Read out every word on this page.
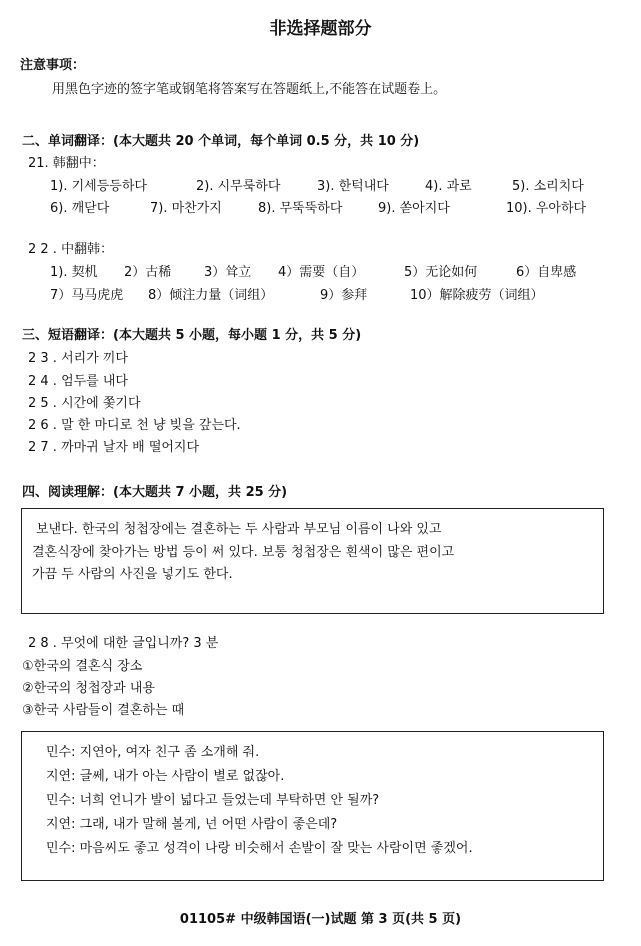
非选择题部分
注意事项：
用黑色字迹的签字笔或钢笔将答案写在答题纸上,不能答在试题卷上。
二、单词翻译：(本大题共 20 个单词，每个单词 0.5 分，共 10 分)
21. 韩翻中：
1). 기세등등하다	2). 시무룩하다	3). 한턱내다	4). 과로	5). 소리치다
6). 깨닫다	7). 마찬가지	8). 무뚝뚝하다	9). 쏟아지다	10). 우아하다
2 2 . 中翻韩：
1). 契机 2）古稀	3）耸立 4）需要（自）	5）无论如何	6）自卑感
7）马马虎虎 8）倾注力量（词组）	9）参拜	10）解除疲劳（词组）
三、短语翻译：(本大题共 5 小题，每小题 1 分，共 5 分)
2 3 . 서리가 끼다
2 4 . 엄두를 내다
2 5 . 시간에 쫓기다
2 6 . 말 한 마디로 천 냥 빚을 갚는다.
2 7 . 까마귀 날자 배 떨어지다
四、阅读理解：(本大题共 7 小题，共 25 分)
보낸다. 한국의 청첩장에는 결혼하는 두 사람과 부모님 이름이 나와 있고
결혼식장에 찾아가는 방법 등이 써 있다. 보통 청첩장은 흰색이 많은 편이고
가끔 두 사람의 사진을 넣기도 한다.
2 8 . 무엇에 대한 글입니까? 3 분
①한국의 결혼식 장소
②한국의 청첩장과 내용
③한국 사람들이 결혼하는 때
민수: 지연아, 여자 친구 좀 소개해 줘.
지연: 글쎄, 내가 아는 사람이 별로 없잖아.
민수: 너희 언니가 발이 넓다고 들었는데 부탁하면 안 될까?
지연: 그래, 내가 말해 볼게, 넌 어떤 사람이 좋은데?
민수: 마음씨도 좋고 성격이 나랑 비슷해서 손발이 잘 맞는 사람이면 좋겠어.
01105# 中级韩国语(一)试题 第 3 页(共 5 页)
